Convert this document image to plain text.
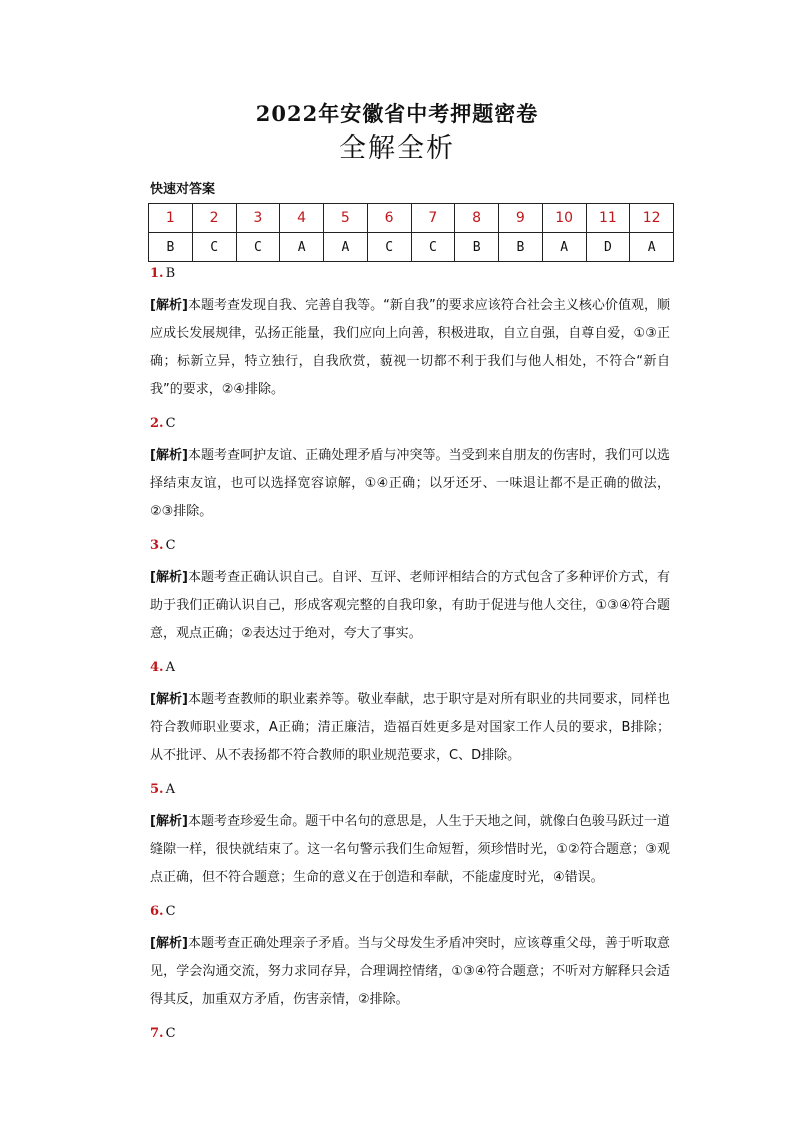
2022年安徽省中考押题密卷
全解全析
快速对答案
1	2	3	4	5	6	7	8	9	10	11	12
B	C	C	A	A	C	C	B	B	A	D	A
1. B

[解析]本题考查发现自我、完善自我等。“新自我”的要求应该符合社会主义核心价值观，顺应成长发展规律，弘扬正能量，我们应向上向善，积极进取，自立自强，自尊自爱，①③正确；标新立异，特立独行，自我欣赏，藐视一切都不利于我们与他人相处，不符合“新自我”的要求，②④排除。

2. C

[解析]本题考查呵护友谊、正确处理矛盾与冲突等。当受到来自朋友的伤害时，我们可以选择结束友谊，也可以选择宽容谅解，①④正确；以牙还牙、一味退让都不是正确的做法，②③排除。

3. C

[解析]本题考查正确认识自己。自评、互评、老师评相结合的方式包含了多种评价方式，有助于我们正确认识自己，形成客观完整的自我印象，有助于促进与他人交往，①③④符合题意，观点正确；②表达过于绝对，夸大了事实。

4. A

[解析]本题考查教师的职业素养等。敬业奉献，忠于职守是对所有职业的共同要求，同样也符合教师职业要求，A正确；清正廉洁，造福百姓更多是对国家工作人员的要求，B排除；从不批评、从不表扬都不符合教师的职业规范要求，C、D排除。

5. A

[解析]本题考查珍爱生命。题干中名句的意思是，人生于天地之间，就像白色骏马跃过一道缝隙一样，很快就结束了。这一名句警示我们生命短暂，须珍惜时光，①②符合题意；③观点正确，但不符合题意；生命的意义在于创造和奉献，不能虚度时光，④错误。

6. C

[解析]本题考查正确处理亲子矛盾。当与父母发生矛盾冲突时，应该尊重父母，善于听取意见，学会沟通交流，努力求同存异，合理调控情绪，①③④符合题意；不听对方解释只会适得其反，加重双方矛盾，伤害亲情，②排除。

7. C
